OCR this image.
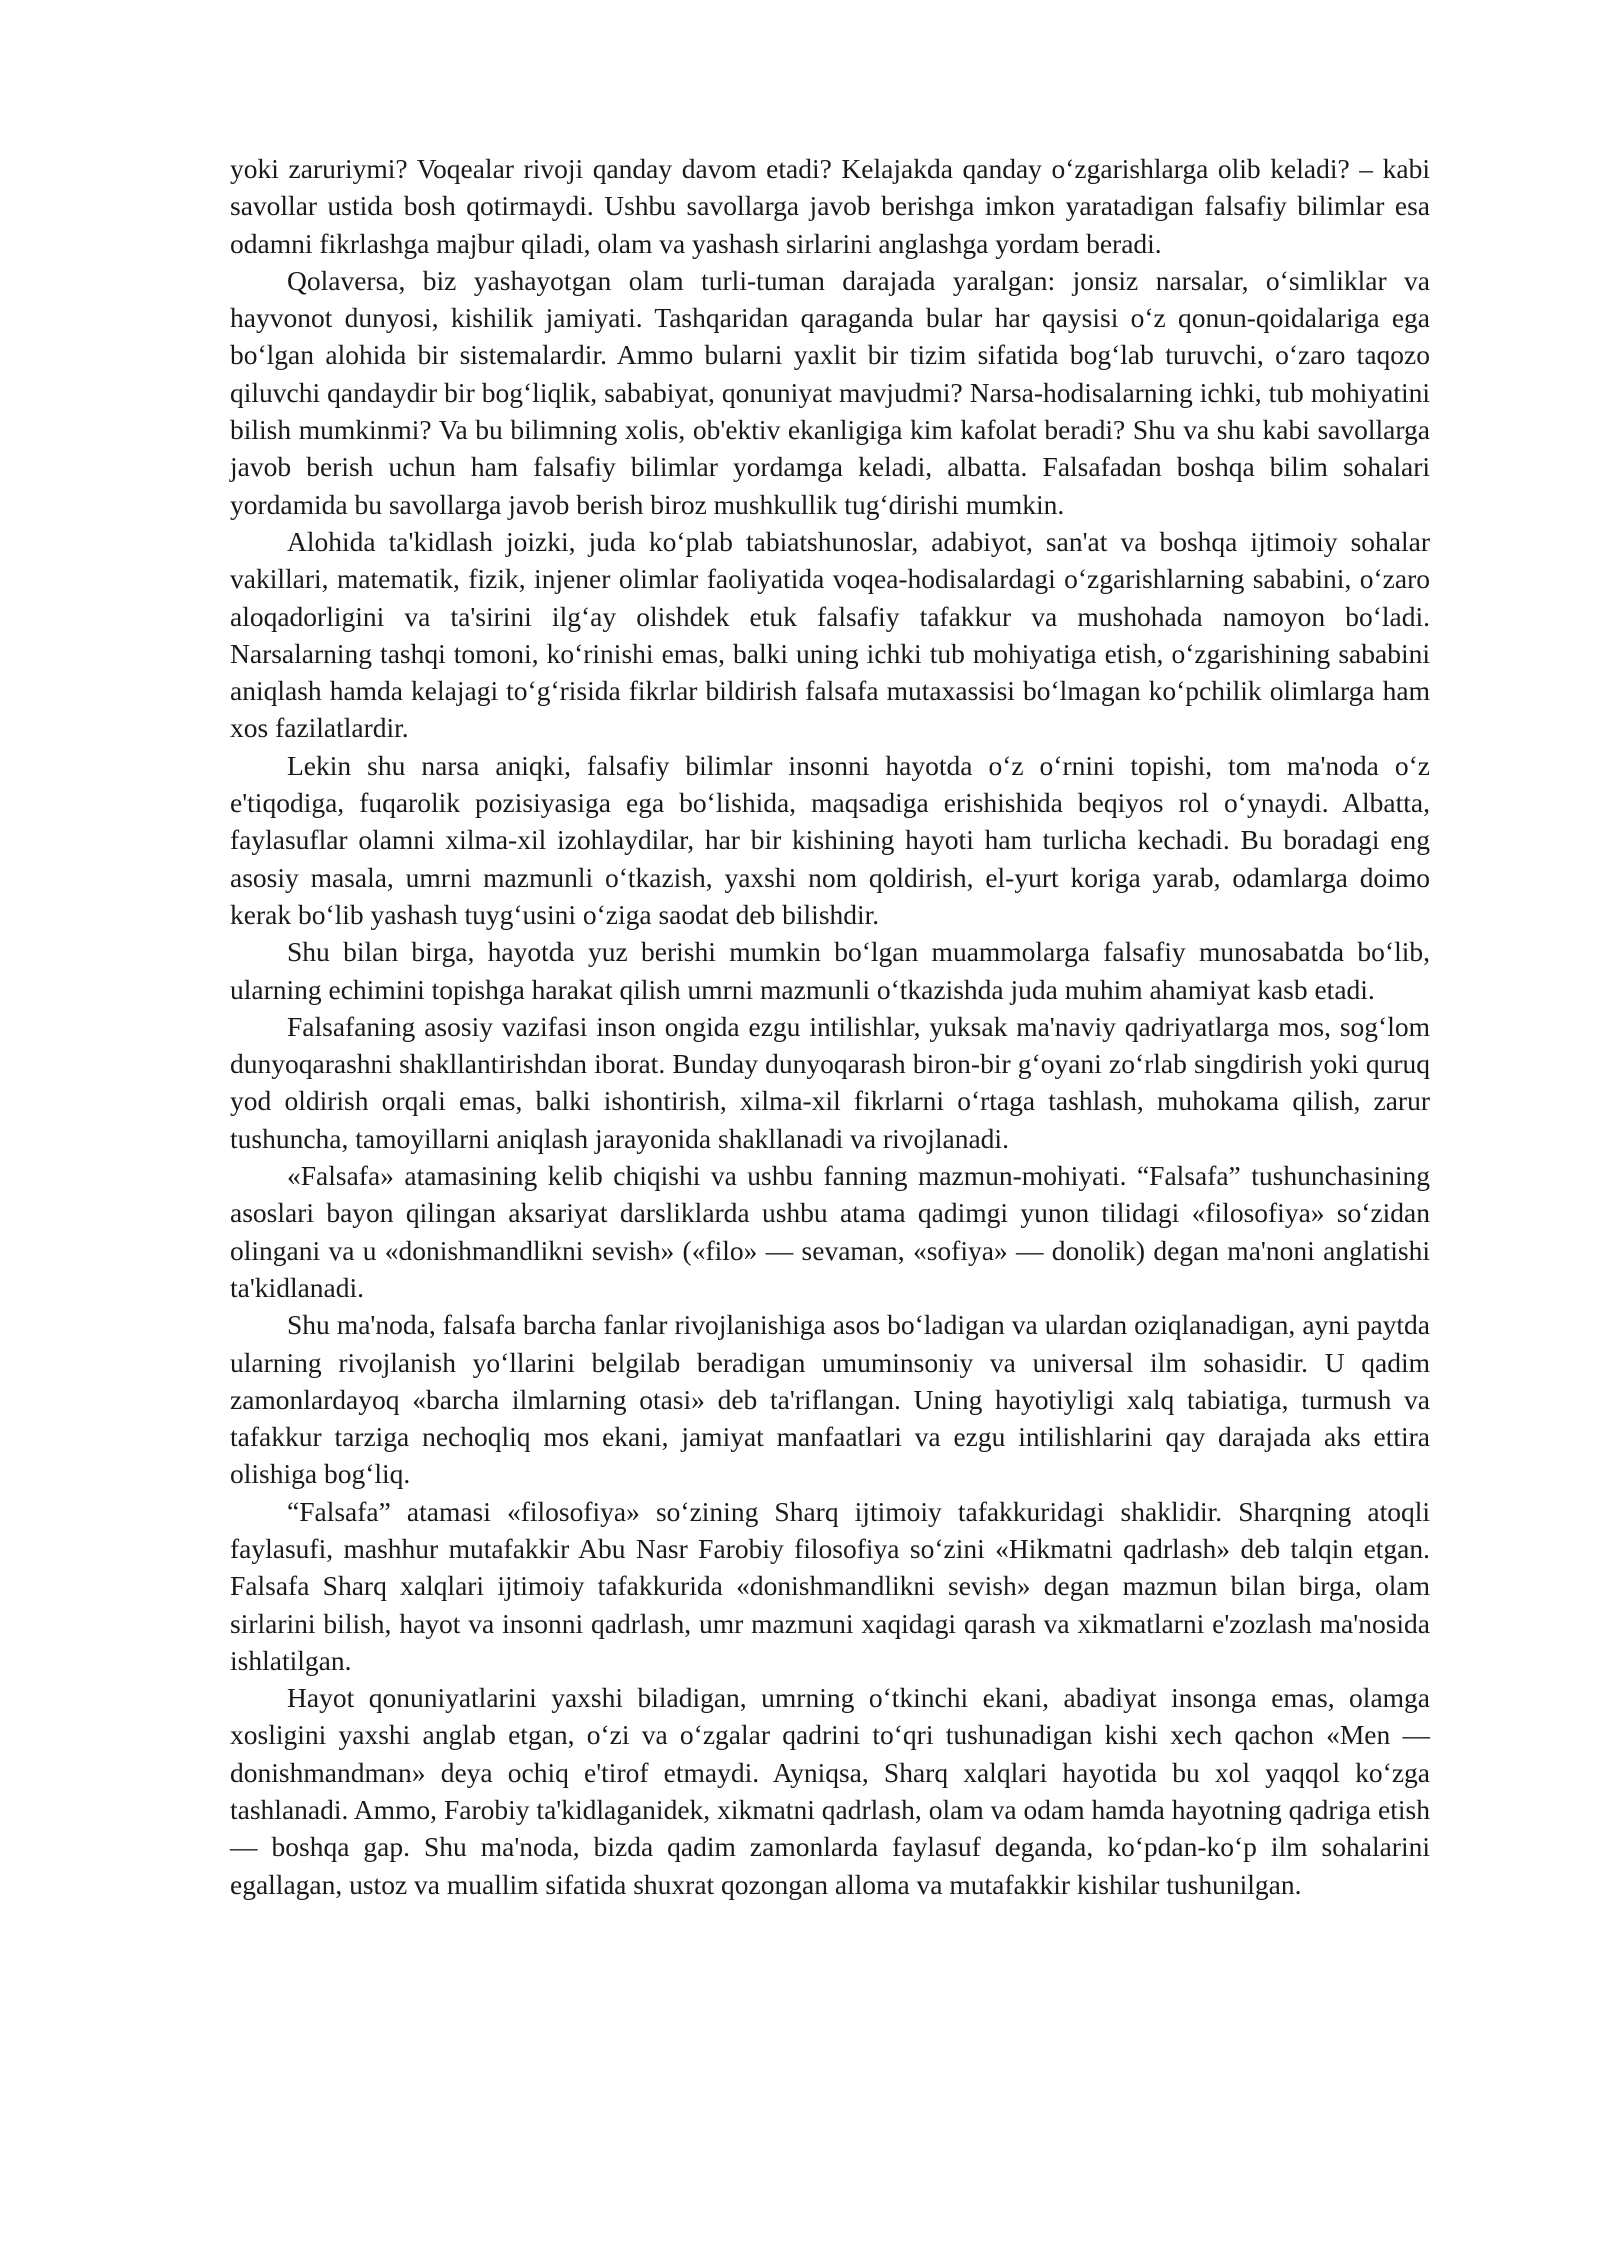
yoki zaruriymi? Voqealar rivoji qanday davom etadi? Kelajakda qanday o‘zgarishlarga olib keladi? – kabi savollar ustida bosh qotirmaydi. Ushbu savollarga javob berishga imkon yaratadigan falsafiy bilimlar esa odamni fikrlashga majbur qiladi, olam va yashash sirlarini anglashga yordam beradi.

Qolaversa, biz yashayotgan olam turli-tuman darajada yaralgan: jonsiz narsalar, o‘simliklar va hayvonot dunyosi, kishilik jamiyati. Tashqaridan qaraganda bular har qaysisi o‘z qonun-qoidalariga ega bo‘lgan alohida bir sistemalardir. Ammo bularni yaxlit bir tizim sifatida bog‘lab turuvchi, o‘zaro taqozo qiluvchi qandaydir bir bog‘liqlik, sababiyat, qonuniyat mavjudmi? Narsa-hodisalarning ichki, tub mohiyatini bilish mumkinmi? Va bu bilimning xolis, ob'ektiv ekanligiga kim kafolat beradi? Shu va shu kabi savollarga javob berish uchun ham falsafiy bilimlar yordamga keladi, albatta. Falsafadan boshqa bilim sohalari yordamida bu savollarga javob berish biroz mushkullik tug‘dirishi mumkin.

Alohida ta'kidlash joizki, juda ko‘plab tabiatshunoslar, adabiyot, san'at va boshqa ijtimoiy sohalar vakillari, matematik, fizik, injener olimlar faoliyatida voqea-hodisalardagi o‘zgarishlarning sababini, o‘zaro aloqadorligini va ta'sirini ilg‘ay olishdek etuk falsafiy tafakkur va mushohada namoyon bo‘ladi. Narsalarning tashqi tomoni, ko‘rinishi emas, balki uning ichki tub mohiyatiga etish, o‘zgarishining sababini aniqlash hamda kelajagi to‘g‘risida fikrlar bildirish falsafa mutaxassisi bo‘lmagan ko‘pchilik olimlarga ham xos fazilatlardir.

Lekin shu narsa aniqki, falsafiy bilimlar insonni hayotda o‘z o‘rnini topishi, tom ma'noda o‘z e'tiqodiga, fuqarolik pozisiyasiga ega bo‘lishida, maqsadiga erishishida beqiyos rol o‘ynaydi. Albatta, faylasuflar olamni xilma-xil izohlaydilar, har bir kishining hayoti ham turlicha kechadi. Bu boradagi eng asosiy masala, umrni mazmunli o‘tkazish, yaxshi nom qoldirish, el-yurt koriga yarab, odamlarga doimo kerak bo‘lib yashash tuyg‘usini o‘ziga saodat deb bilishdir.

Shu bilan birga, hayotda yuz berishi mumkin bo‘lgan muammolarga falsafiy munosabatda bo‘lib, ularning echimini topishga harakat qilish umrni mazmunli o‘tkazishda juda muhim ahamiyat kasb etadi.

Falsafaning asosiy vazifasi inson ongida ezgu intilishlar, yuksak ma'naviy qadriyatlarga mos, sog‘lom dunyoqarashni shakllantirishdan iborat. Bunday dunyoqarash biron-bir g‘oyani zo‘rlab singdirish yoki quruq yod oldirish orqali emas, balki ishontirish, xilma-xil fikrlarni o‘rtaga tashlash, muhokama qilish, zarur tushuncha, tamoyillarni aniqlash jarayonida shakllanadi va rivojlanadi.

«Falsafa» atamasining kelib chiqishi va ushbu fanning mazmun-mohiyati. “Falsafa” tushunchasining asoslari bayon qilingan aksariyat darsliklarda ushbu atama qadimgi yunon tilidagi «filosofiya» so‘zidan olingani va u «donishmandlikni sevish» («filo» — sevaman, «sofiya» — donolik) degan ma'noni anglatishi ta'kidlanadi.

Shu ma'noda, falsafa barcha fanlar rivojlanishiga asos bo‘ladigan va ulardan oziqlanadigan, ayni paytda ularning rivojlanish yo‘llarini belgilab beradigan umuminsoniy va universal ilm sohasidir. U qadim zamonlardayoq «barcha ilmlarning otasi» deb ta'riflangan. Uning hayotiyligi xalq tabiatiga, turmush va tafakkur tarziga nechoqliq mos ekani, jamiyat manfaatlari va ezgu intilishlarini qay darajada aks ettira olishiga bog‘liq.

“Falsafa” atamasi «filosofiya» so‘zining Sharq ijtimoiy tafakkuridagi shaklidir. Sharqning atoqli faylasufi, mashhur mutafakkir Abu Nasr Farobiy filosofiya so‘zini «Hikmatni qadrlash» deb talqin etgan. Falsafa Sharq xalqlari ijtimoiy tafakkurida «donishmandlikni sevish» degan mazmun bilan birga, olam sirlarini bilish, hayot va insonni qadrlash, umr mazmuni xaqidagi qarash va xikmatlarni e'zozlash ma'nosida ishlatilgan.

Hayot qonuniyatlarini yaxshi biladigan, umrning o‘tkinchi ekani, abadiyat insonga emas, olamga xosligini yaxshi anglab etgan, o‘zi va o‘zgalar qadrini to‘qri tushunadigan kishi xech qachon «Men — donishmandman» deya ochiq e'tirof etmaydi. Ayniqsa, Sharq xalqlari hayotida bu xol yaqqol ko‘zga tashlanadi. Ammo, Farobiy ta'kidlaganidek, xikmatni qadrlash, olam va odam hamda hayotning qadriga etish — boshqa gap. Shu ma'noda, bizda qadim zamonlarda faylasuf deganda, ko‘pdan-ko‘p ilm sohalarini egallagan, ustoz va muallim sifatida shuxrat qozongan alloma va mutafakkir kishilar tushunilgan.
